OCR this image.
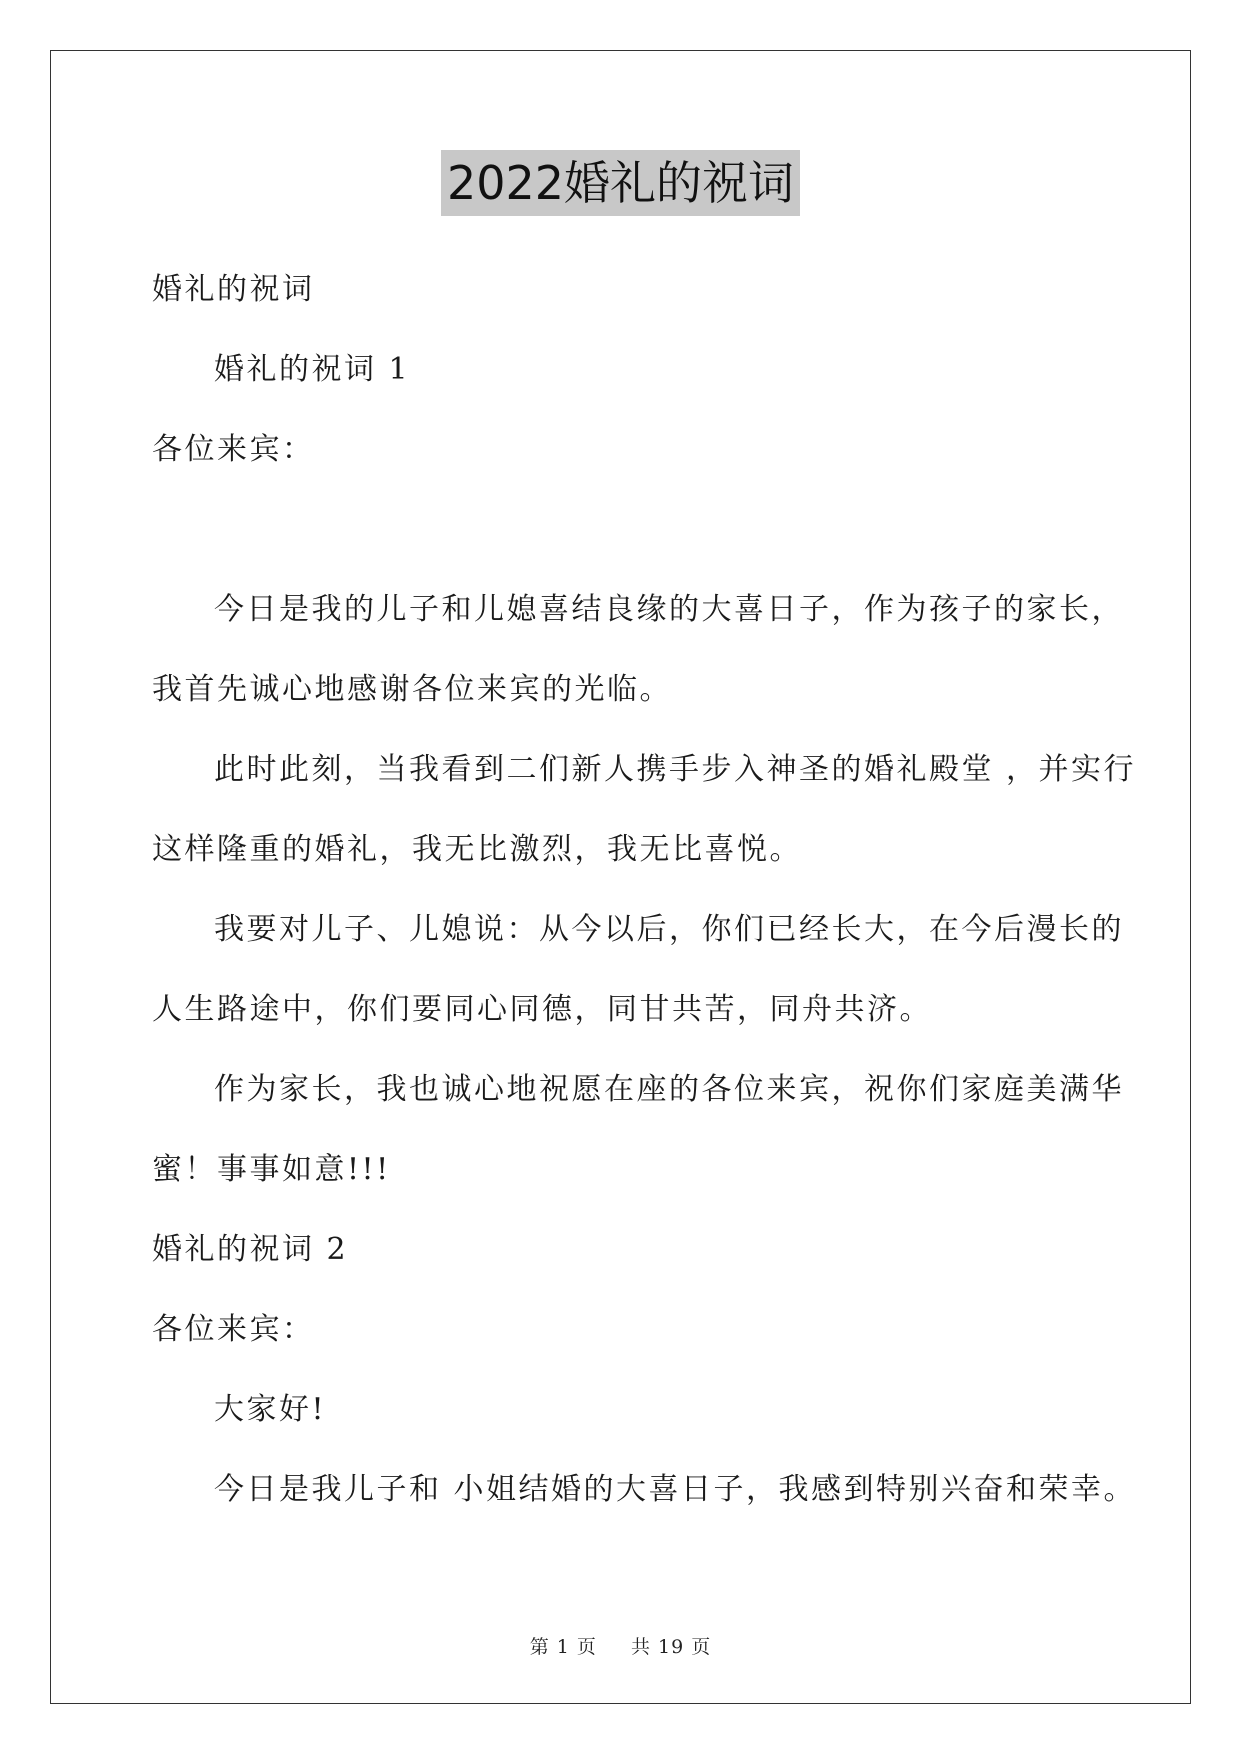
2022婚礼的祝词
婚礼的祝词
婚礼的祝词 1
各位来宾：
今日是我的儿子和儿媳喜结良缘的大喜日子，作为孩子的家长，
我首先诚心地感谢各位来宾的光临。
此时此刻，当我看到二们新人携手步入神圣的婚礼殿堂 ，并实行
这样隆重的婚礼，我无比激烈，我无比喜悦。
我要对儿子、儿媳说：从今以后，你们已经长大，在今后漫长的
人生路途中，你们要同心同德，同甘共苦，同舟共济。
作为家长，我也诚心地祝愿在座的各位来宾，祝你们家庭美满华
蜜！事事如意!!!
婚礼的祝词 2
各位来宾：
大家好!
今日是我儿子和 小姐结婚的大喜日子，我感到特别兴奋和荣幸。
第 1 页 共 19 页
